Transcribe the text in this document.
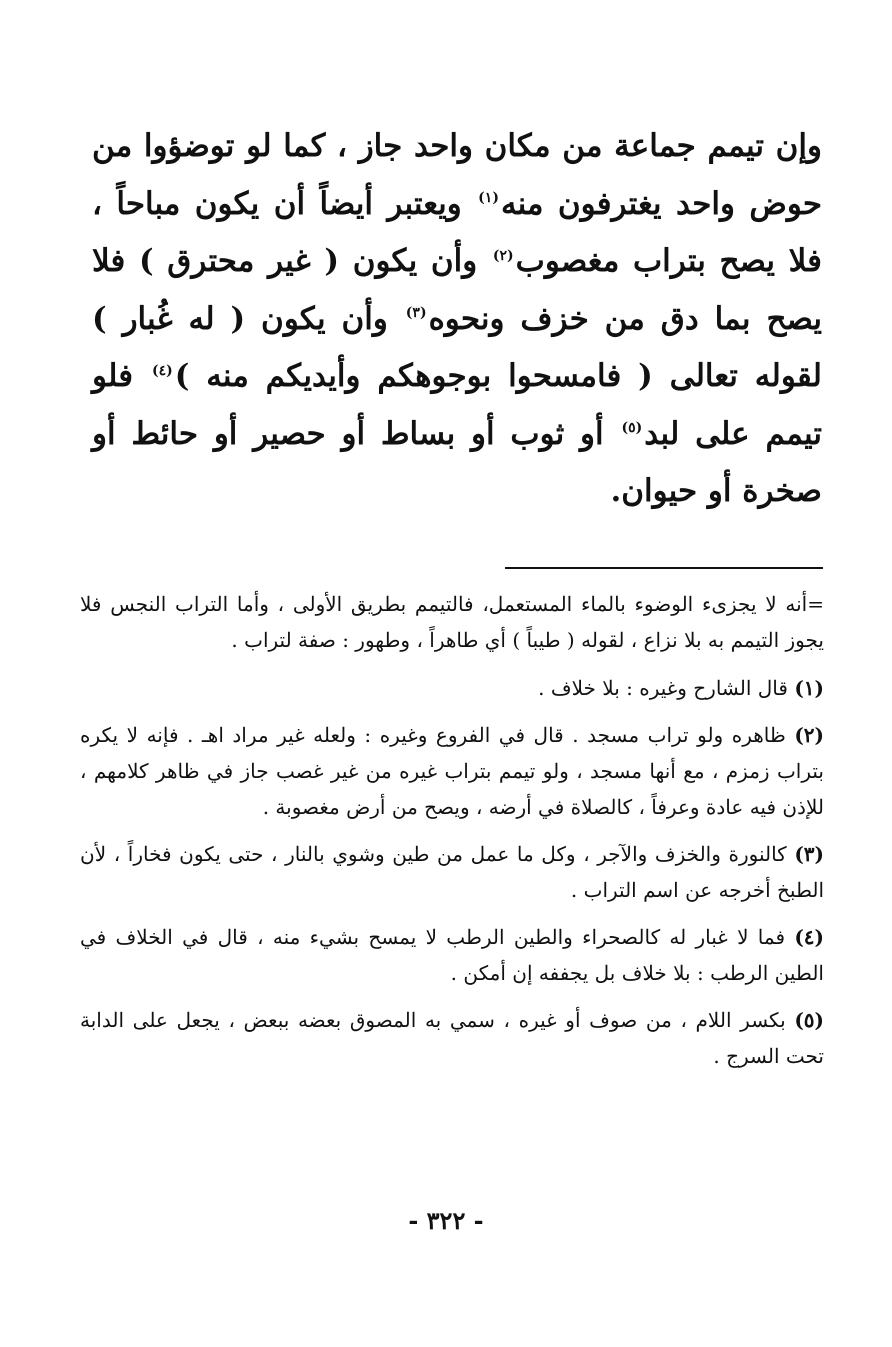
وإن تيمم جماعة من مكان واحد جاز ، كما لو توضؤوا من حوض واحد يغترفون منه$^{(١)}$ ويعتبر أيضاً أن يكون مباحاً ، فلا يصح بتراب مغصوب$^{(٢)}$ وأن يكون ( غير محترق ) فلا يصح بما دق من خزف ونحوه$^{(٣)}$ وأن يكون ( له غُبار ) لقوله تعالى ( فامسحوا بوجوهكم وأيديكم منه )$^{(٤)}$ فلو تيمم على لبد$^{(٥)}$ أو ثوب أو بساط أو حصير أو حائط أو صخرة أو حيوان.

=أنه لا يجزىء الوضوء بالماء المستعمل، فالتيمم بطريق الأولى ، وأما التراب النجس فلا يجوز التيمم به بلا نزاع ، لقوله ( طيباً ) أي طاهراً ، وطهور : صفة لتراب .

(١) قال الشارح وغيره : بلا خلاف .

(٢) ظاهره ولو تراب مسجد . قال في الفروع وغيره : ولعله غير مراد اهـ . فإنه لا يكره بتراب زمزم ، مع أنها مسجد ، ولو تيمم بتراب غيره من غير غصب جاز في ظاهر كلامهم ، للإذن فيه عادة وعرفاً ، كالصلاة في أرضه ، ويصح من أرض مغصوبة .

(٣) كالنورة والخزف والآجر ، وكل ما عمل من طين وشوي بالنار ، حتى يكون فخاراً ، لأن الطبخ أخرجه عن اسم التراب .

(٤) فما لا غبار له كالصحراء والطين الرطب لا يمسح بشيء منه ، قال في الخلاف في الطين الرطب : بلا خلاف بل يجففه إن أمكن .

(٥) بكسر اللام ، من صوف أو غيره ، سمي به المصوق بعضه ببعض ، يجعل على الدابة تحت السرج .

- ٣٢٢ -
